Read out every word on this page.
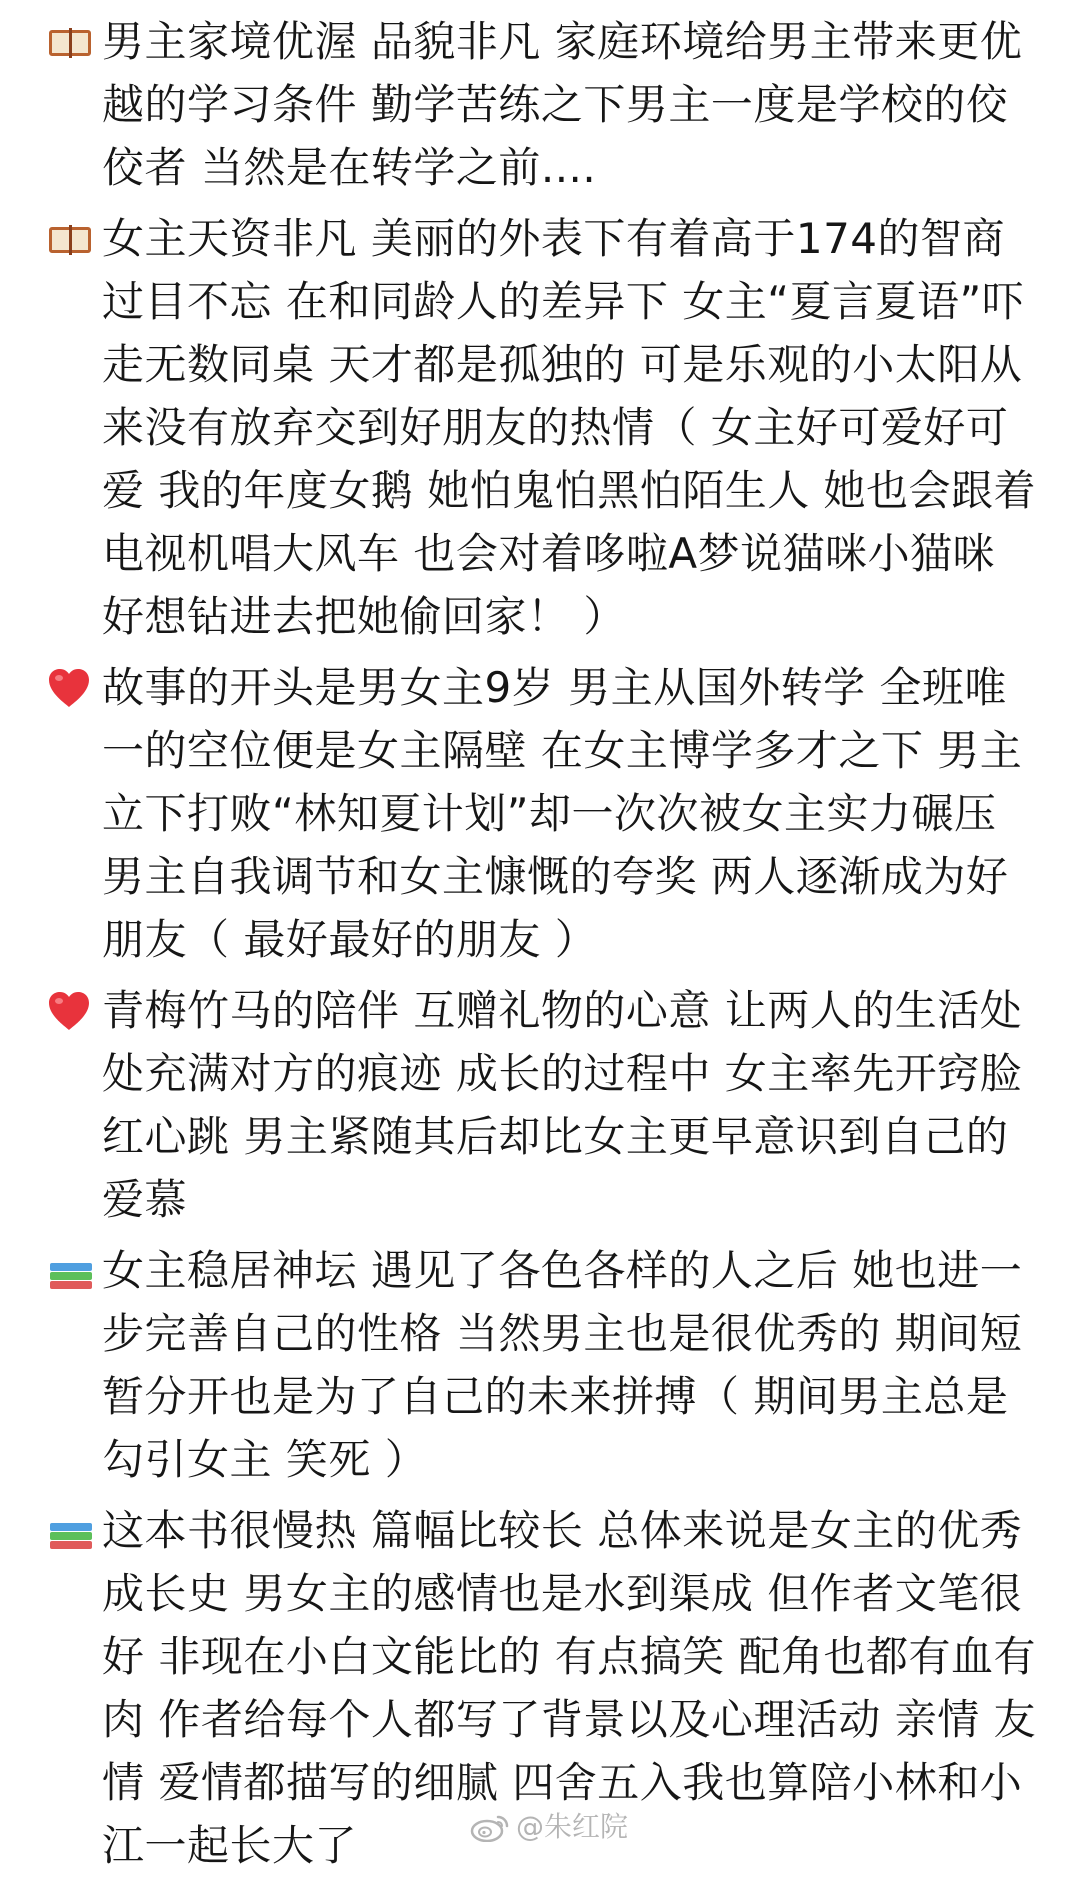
男主家境优渥 品貌非凡 家庭环境给男主带来更优越的学习条件 勤学苦练之下男主一度是学校的佼佼者 当然是在转学之前....
女主天资非凡 美丽的外表下有着高于174的智商过目不忘 在和同龄人的差异下 女主“夏言夏语”吓走无数同桌 天才都是孤独的 可是乐观的小太阳从来没有放弃交到好朋友的热情（ 女主好可爱好可爱 我的年度女鹅 她怕鬼怕黑怕陌生人 她也会跟着电视机唱大风车 也会对着哆啦A梦说猫咪小猫咪 好想钻进去把她偷回家！ ）
故事的开头是男女主9岁 男主从国外转学 全班唯一的空位便是女主隔壁 在女主博学多才之下 男主立下打败“林知夏计划”却一次次被女主实力碾压 男主自我调节和女主慷慨的夸奖 两人逐渐成为好朋友（ 最好最好的朋友 ）
青梅竹马的陪伴 互赠礼物的心意 让两人的生活处处充满对方的痕迹 成长的过程中 女主率先开窍脸红心跳 男主紧随其后却比女主更早意识到自己的爱慕
女主稳居神坛 遇见了各色各样的人之后 她也进一步完善自己的性格 当然男主也是很优秀的 期间短暂分开也是为了自己的未来拼搏（ 期间男主总是勾引女主 笑死 ）
这本书很慢热 篇幅比较长 总体来说是女主的优秀成长史 男女主的感情也是水到渠成 但作者文笔很好 非现在小白文能比的 有点搞笑 配角也都有血有肉 作者给每个人都写了背景以及心理活动 亲情 友情 爱情都描写的细腻 四舍五入我也算陪小林和小江一起长大了	@朱红院
